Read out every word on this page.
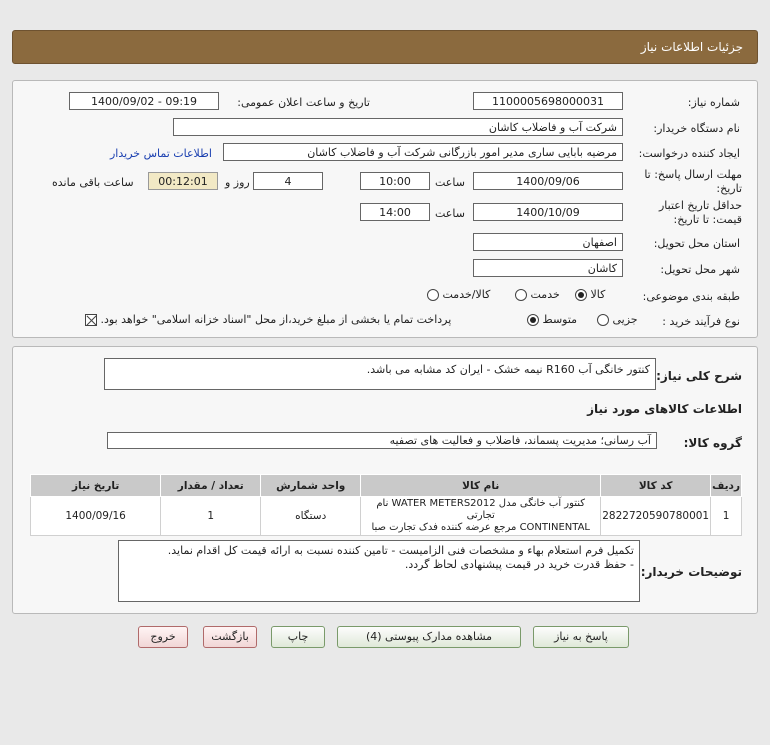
جزئیات اطلاعات نیاز
شماره نیاز:
1100005698000031
تاریخ و ساعت اعلان عمومی:
1400/09/02 - 09:19
نام دستگاه خریدار:
شرکت آب و فاضلاب کاشان
ایجاد کننده درخواست:
مرضیه بابایی ساری مدیر امور بازرگانی شرکت آب و فاضلاب کاشان
اطلاعات تماس خریدار
مهلت ارسال پاسخ: تا تاریخ:
1400/09/06
ساعت
10:00
4
روز و
00:12:01
ساعت باقی مانده
حداقل تاریخ اعتبار قیمت: تا تاریخ:
1400/10/09
ساعت
14:00
استان محل تحویل:
اصفهان
شهر محل تحویل:
کاشان
طبقه بندی موضوعی:
کالا
خدمت
کالا/خدمت
نوع فرآیند خرید :
جزیی
متوسط
پرداخت تمام یا بخشی از مبلغ خرید،از محل "اسناد خزانه اسلامی" خواهد بود.
شرح کلی نیاز:
کنتور خانگی آب R160 نیمه خشک - ایران کد مشابه می باشد.
اطلاعات کالاهای مورد نیاز
گروه کالا:
آب رسانی؛ مدیریت پسماند، فاضلاب و فعالیت های تصفیه
ردیف	کد کالا	نام کالا	واحد شمارش	تعداد / مقدار	تاریخ نیاز
1	2822720590780001	کنتور آب خانگی مدل WATER METERS2012 نام تجارتی
CONTINENTAL مرجع عرضه کننده فدک تجارت صبا	دستگاه	1	1400/09/16
توضیحات خریدار:
تکمیل فرم استعلام بهاء و مشخصات فنی الزامیست - تامین کننده نسبت به ارائه قیمت کل اقدام نماید.
- حفظ قدرت خرید در قیمت پیشنهادی لحاظ گردد.
پاسخ به نیاز
مشاهده مدارک پیوستی (4)
چاپ
بازگشت
خروج
